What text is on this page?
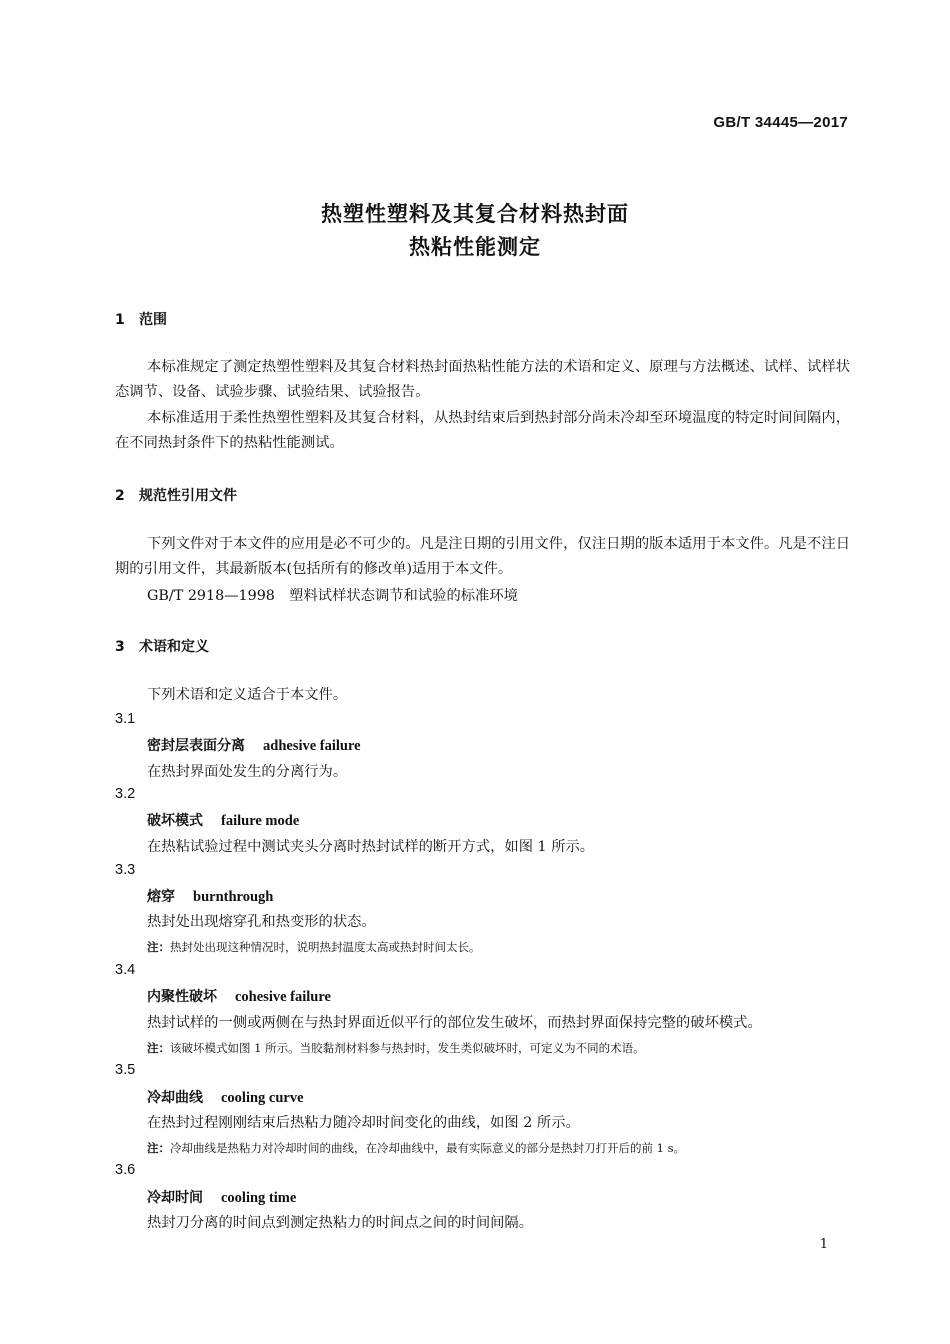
GB/T 34445—2017
热塑性塑料及其复合材料热封面
热粘性能测定
1 范围
本标准规定了测定热塑性塑料及其复合材料热封面热粘性能方法的术语和定义、原理与方法概述、试样、试样状态调节、设备、试验步骤、试验结果、试验报告。
本标准适用于柔性热塑性塑料及其复合材料，从热封结束后到热封部分尚未冷却至环境温度的特定时间间隔内，在不同热封条件下的热粘性能测试。
2 规范性引用文件
下列文件对于本文件的应用是必不可少的。凡是注日期的引用文件，仅注日期的版本适用于本文件。凡是不注日期的引用文件，其最新版本(包括所有的修改单)适用于本文件。
GB/T 2918—1998　塑料试样状态调节和试验的标准环境
3 术语和定义
下列术语和定义适合于本文件。
3.1
密封层表面分离 adhesive failure
在热封界面处发生的分离行为。
3.2
破坏模式 failure mode
在热粘试验过程中测试夹头分离时热封试样的断开方式，如图 1 所示。
3.3
熔穿 burnthrough
热封处出现熔穿孔和热变形的状态。
注：热封处出现这种情况时，说明热封温度太高或热封时间太长。
3.4
内聚性破坏 cohesive failure
热封试样的一侧或两侧在与热封界面近似平行的部位发生破坏，而热封界面保持完整的破坏模式。
注：该破坏模式如图 1 所示。当胶黏剂材料参与热封时，发生类似破坏时，可定义为不同的术语。
3.5
冷却曲线 cooling curve
在热封过程刚刚结束后热粘力随冷却时间变化的曲线，如图 2 所示。
注：冷却曲线是热粘力对冷却时间的曲线，在冷却曲线中，最有实际意义的部分是热封刀打开后的前 1 s。
3.6
冷却时间 cooling time
热封刀分离的时间点到测定热粘力的时间点之间的时间间隔。
1
